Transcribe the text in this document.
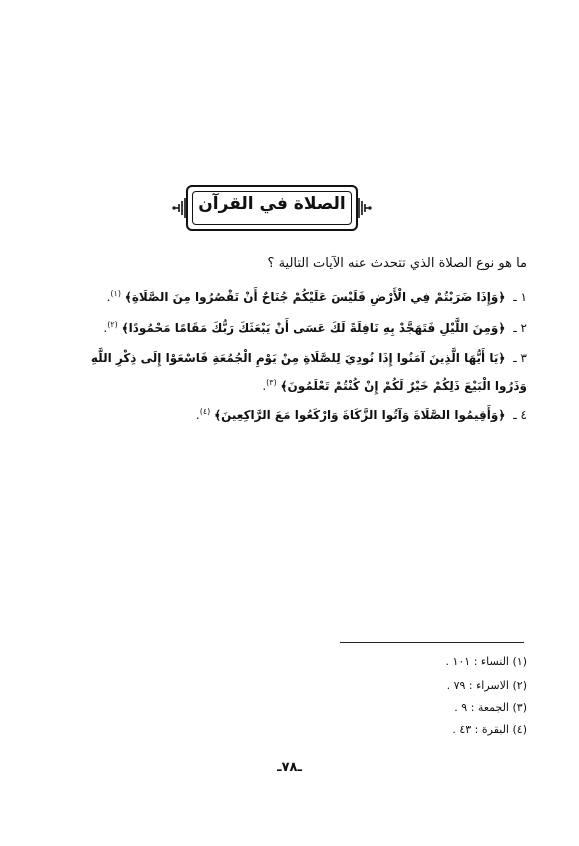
الصلاة في القرآن
ما هو نوع الصلاة الذي تتحدث عنه الآيات التالية ؟
١ ـ ﴿وَإِذَا ضَرَبْتُمْ فِي الْأَرْضِ فَلَيْسَ عَلَيْكُمْ جُنَاحٌ أَنْ تَقْصُرُوا مِنَ الصَّلَاةِ﴾ $^{(١)}$.
٢ ـ ﴿وَمِنَ اللَّيْلِ فَتَهَجَّدْ بِهِ نَافِلَةً لَكَ عَسَى أَنْ يَبْعَثَكَ رَبُّكَ مَقَامًا مَحْمُودًا﴾ $^{(٢)}$.
٣ ـ ﴿يَا أَيُّهَا الَّذِينَ آمَنُوا إِذَا نُودِيَ لِلصَّلَاةِ مِنْ يَوْمِ الْجُمُعَةِ فَاسْعَوْا إِلَى ذِكْرِ اللَّهِ
وَذَرُوا الْبَيْعَ ذَلِكُمْ خَيْرٌ لَكُمْ إِنْ كُنْتُمْ تَعْلَمُونَ﴾ $^{(٣)}$.
٤ ـ ﴿وَأَقِيمُوا الصَّلَاةَ وَآتُوا الزَّكَاةَ وَارْكَعُوا مَعَ الرَّاكِعِينَ﴾ $^{(٤)}$.
(١) النساء : ١٠١ .
(٢) الاسراء : ٧٩ .
(٣) الجمعة : ٩ .
(٤) البقرة : ٤٣ .
ـ٧٨ـ
